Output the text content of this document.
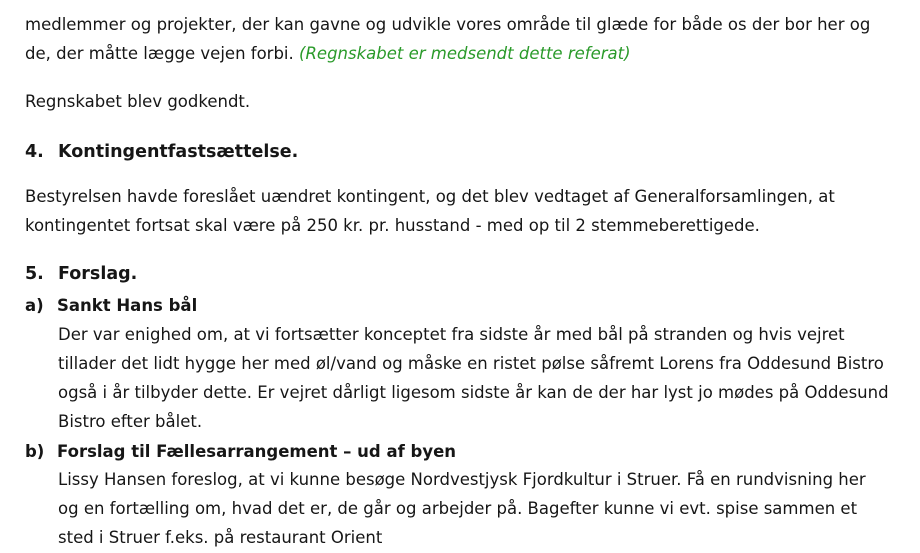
medlemmer og projekter, der kan gavne og udvikle vores område til glæde for både os der bor her og
de, der måtte lægge vejen forbi. (Regnskabet er medsendt dette referat)
Regnskabet blev godkendt.
4. Kontingentfastsættelse.
Bestyrelsen havde foreslået uændret kontingent, og det blev vedtaget af Generalforsamlingen, at
kontingentet fortsat skal være på 250 kr. pr. husstand - med op til 2 stemmeberettigede.
5. Forslag.
a) Sankt Hans bål
Der var enighed om, at vi fortsætter konceptet fra sidste år med bål på stranden og hvis vejret
tillader det lidt hygge her med øl/vand og måske en ristet pølse såfremt Lorens fra Oddesund Bistro
også i år tilbyder dette. Er vejret dårligt ligesom sidste år kan de der har lyst jo mødes på Oddesund
Bistro efter bålet.
b) Forslag til Fællesarrangement – ud af byen
Lissy Hansen foreslog, at vi kunne besøge Nordvestjysk Fjordkultur i Struer. Få en rundvisning her
og en fortælling om, hvad det er, de går og arbejder på. Bagefter kunne vi evt. spise sammen et
sted i Struer f.eks. på restaurant Orient
